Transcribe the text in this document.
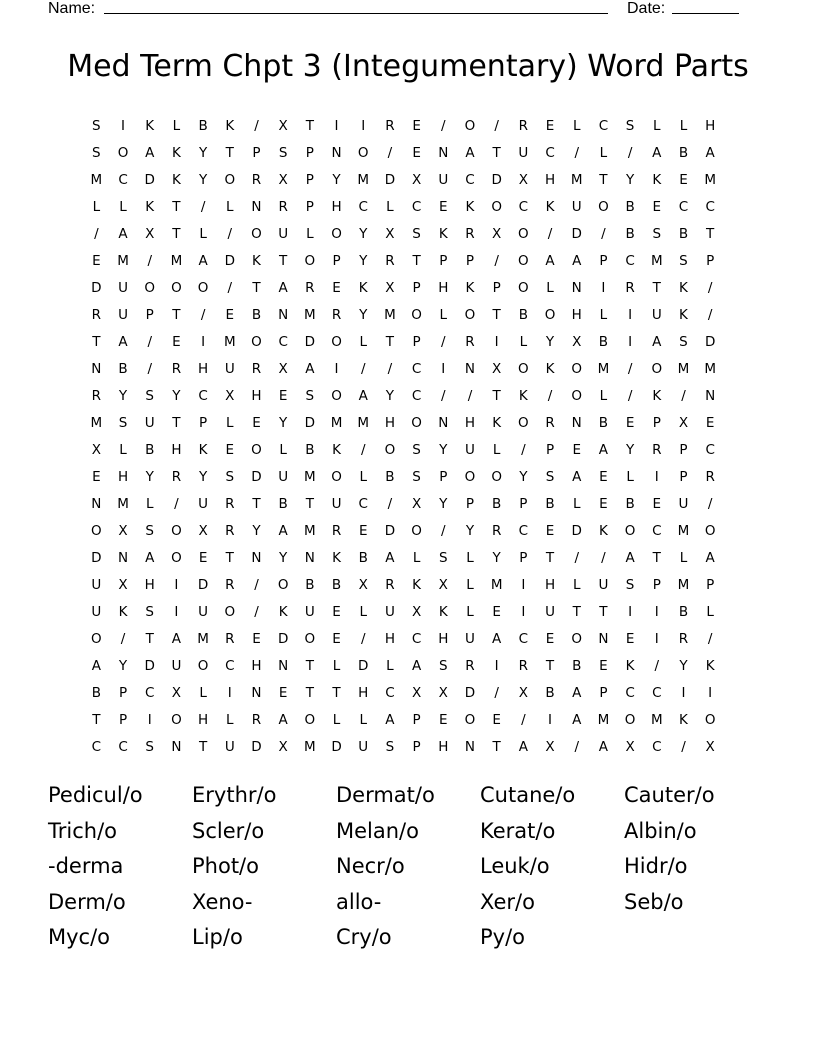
Name:	Date:
Med Term Chpt 3 (Integumentary) Word Parts
S	I	K	L	B	K	/	X	T	I	I	R	E	/	O	/	R	E	L	C	S	L	L	H
S	O	A	K	Y	T	P	S	P	N	O	/	E	N	A	T	U	C	/	L	/	A	B	A
M	C	D	K	Y	O	R	X	P	Y	M	D	X	U	C	D	X	H	M	T	Y	K	E	M
L	L	K	T	/	L	N	R	P	H	C	L	C	E	K	O	C	K	U	O	B	E	C	C
/	A	X	T	L	/	O	U	L	O	Y	X	S	K	R	X	O	/	D	/	B	S	B	T
E	M	/	M	A	D	K	T	O	P	Y	R	T	P	P	/	O	A	A	P	C	M	S	P
D	U	O	O	O	/	T	A	R	E	K	X	P	H	K	P	O	L	N	I	R	T	K	/
R	U	P	T	/	E	B	N	M	R	Y	M	O	L	O	T	B	O	H	L	I	U	K	/
T	A	/	E	I	M	O	C	D	O	L	T	P	/	R	I	L	Y	X	B	I	A	S	D
N	B	/	R	H	U	R	X	A	I	/	/	C	I	N	X	O	K	O	M	/	O	M	M
R	Y	S	Y	C	X	H	E	S	O	A	Y	C	/	/	T	K	/	O	L	/	K	/	N
M	S	U	T	P	L	E	Y	D	M	M	H	O	N	H	K	O	R	N	B	E	P	X	E
X	L	B	H	K	E	O	L	B	K	/	O	S	Y	U	L	/	P	E	A	Y	R	P	C
E	H	Y	R	Y	S	D	U	M	O	L	B	S	P	O	O	Y	S	A	E	L	I	P	R
N	M	L	/	U	R	T	B	T	U	C	/	X	Y	P	B	P	B	L	E	B	E	U	/
O	X	S	O	X	R	Y	A	M	R	E	D	O	/	Y	R	C	E	D	K	O	C	M	O
D	N	A	O	E	T	N	Y	N	K	B	A	L	S	L	Y	P	T	/	/	A	T	L	A
U	X	H	I	D	R	/	O	B	B	X	R	K	X	L	M	I	H	L	U	S	P	M	P
U	K	S	I	U	O	/	K	U	E	L	U	X	K	L	E	I	U	T	T	I	I	B	L
O	/	T	A	M	R	E	D	O	E	/	H	C	H	U	A	C	E	O	N	E	I	R	/
A	Y	D	U	O	C	H	N	T	L	D	L	A	S	R	I	R	T	B	E	K	/	Y	K
B	P	C	X	L	I	N	E	T	T	H	C	X	X	D	/	X	B	A	P	C	C	I	I
T	P	I	O	H	L	R	A	O	L	L	A	P	E	O	E	/	I	A	M	O	M	K	O
C	C	S	N	T	U	D	X	M	D	U	S	P	H	N	T	A	X	/	A	X	C	/	X
Pedicul/o	Erythr/o	Dermat/o	Cutane/o	Cauter/o
Trich/o	Scler/o	Melan/o	Kerat/o	Albin/o
-derma	Phot/o	Necr/o	Leuk/o	Hidr/o
Derm/o	Xeno-	allo-	Xer/o	Seb/o
Myc/o	Lip/o	Cry/o	Py/o
